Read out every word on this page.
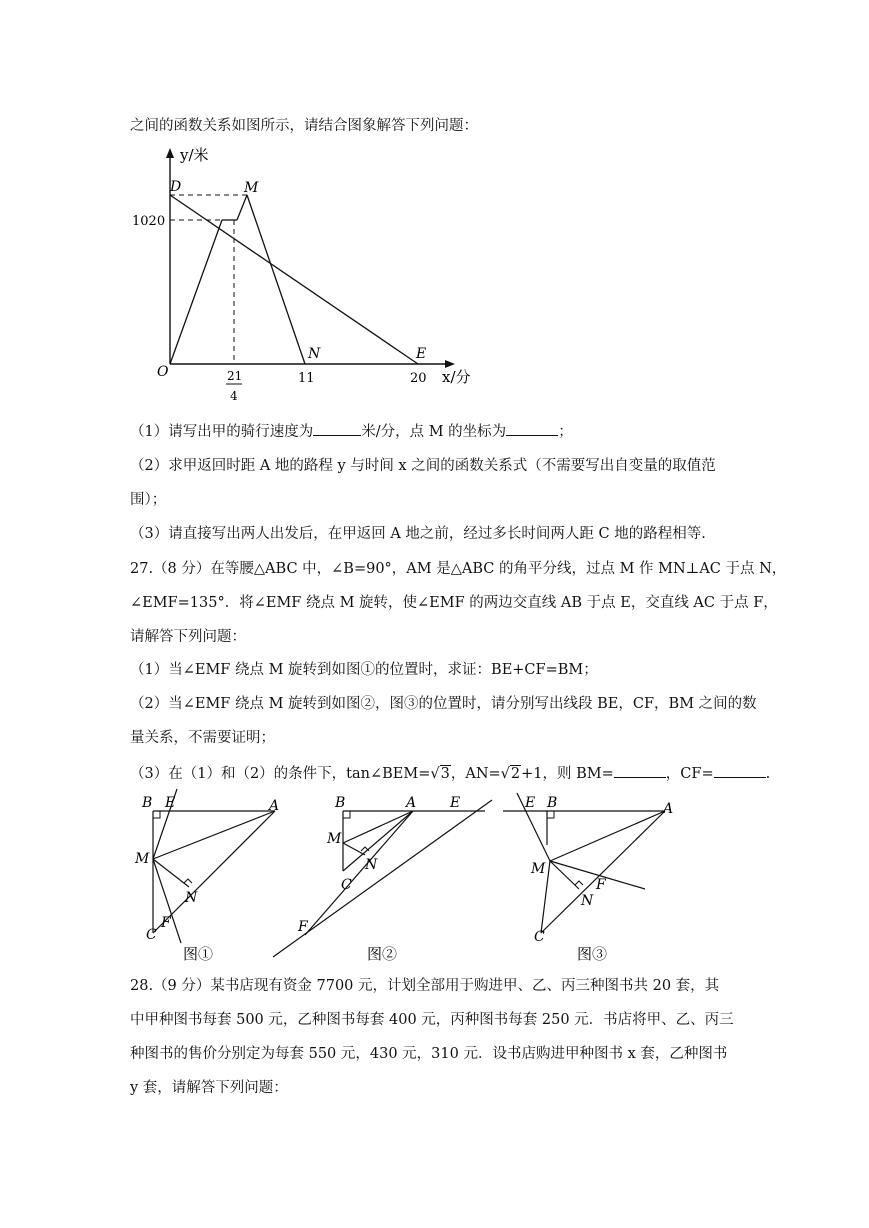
之间的函数关系如图所示，请结合图象解答下列问题：
y/米
D	M
1020
O
N	E
21
4
11	20 x/分
（1）请写出甲的骑行速度为	米/分，点 M 的坐标为	；
（2）求甲返回时距 A 地的路程 y 与时间 x 之间的函数关系式（不需要写出自变量的取值范
围）；
（3）请直接写出两人出发后，在甲返回 A 地之前，经过多长时间两人距 C 地的路程相等.
27.（8 分）在等腰△ABC 中，∠B=90°，AM 是△ABC 的角平分线，过点 M 作 MN⊥AC 于点 N，
∠EMF=135°．将∠EMF 绕点 M 旋转，使∠EMF 的两边交直线 AB 于点 E，交直线 AC 于点 F，
请解答下列问题：
（1）当∠EMF 绕点 M 旋转到如图①的位置时，求证：BE+CF=BM；
（2）当∠EMF 绕点 M 旋转到如图②，图③的位置时，请分别写出线段 BE，CF，BM 之间的数
量关系，不需要证明；
（3）在（1）和（2）的条件下，tan∠BEM=√3，AN=√2+1，则 BM=	，CF=	.
B E	A
M
N
F
C
图①
B	A E
M
N
C
F
图②
E B	A
M
F
N
C
图③
28.（9 分）某书店现有资金 7700 元，计划全部用于购进甲、乙、丙三种图书共 20 套，其
中甲种图书每套 500 元，乙种图书每套 400 元，丙种图书每套 250 元．书店将甲、乙、丙三
种图书的售价分别定为每套 550 元，430 元，310 元．设书店购进甲种图书 x 套，乙种图书
y 套，请解答下列问题：
